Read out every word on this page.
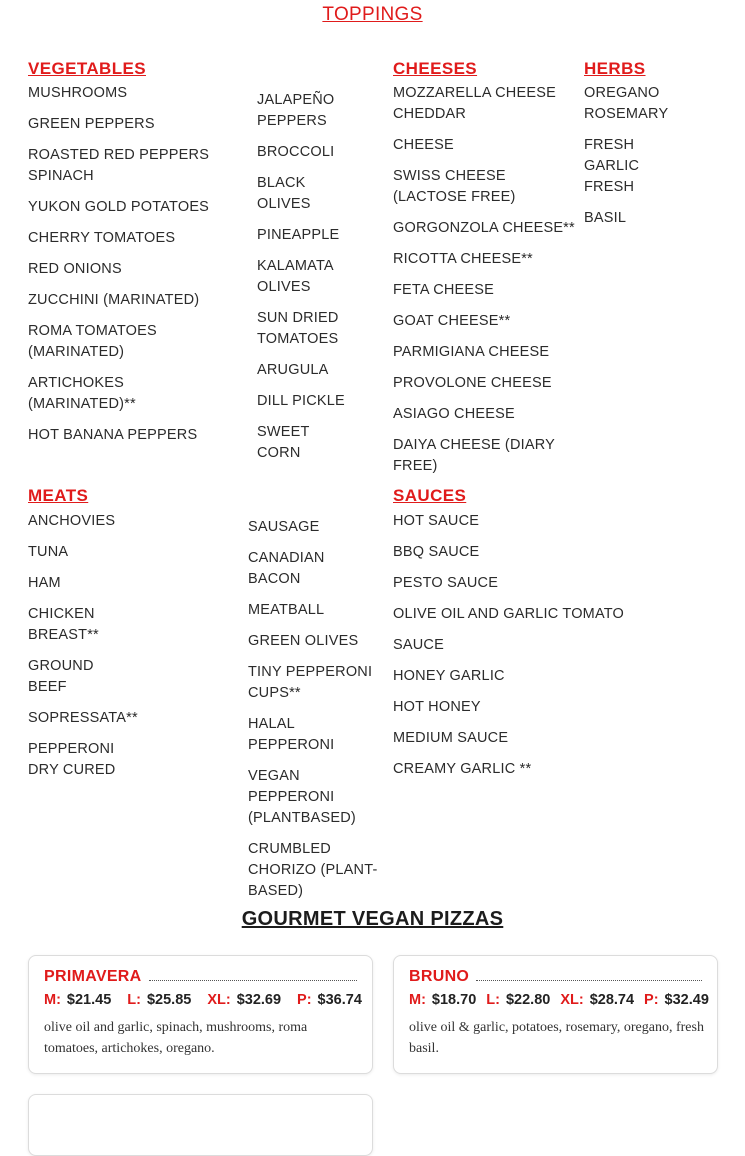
TOPPINGS
VEGETABLES
MUSHROOMS
GREEN PEPPERS
ROASTED RED PEPPERS SPINACH
YUKON GOLD POTATOES
CHERRY TOMATOES
RED ONIONS
ZUCCHINI (MARINATED)
ROMA TOMATOES (MARINATED)
ARTICHOKES (MARINATED)**
HOT BANANA PEPPERS
JALAPEÑO PEPPERS
BROCCOLI
BLACK OLIVES
PINEAPPLE
KALAMATA OLIVES
SUN DRIED TOMATOES
ARUGULA
DILL PICKLE
SWEET CORN
CHEESES
MOZZARELLA CHEESE CHEDDAR
CHEESE
SWISS CHEESE (LACTOSE FREE)
GORGONZOLA CHEESE**
RICOTTA CHEESE**
FETA CHEESE
GOAT CHEESE**
PARMIGIANA CHEESE
PROVOLONE CHEESE
ASIAGO CHEESE
DAIYA CHEESE (DIARY FREE)
HERBS
OREGANO ROSEMARY
FRESH GARLIC FRESH
BASIL
MEATS
ANCHOVIES
TUNA
HAM
CHICKEN BREAST**
GROUND BEEF
SOPRESSATA**
PEPPERONI DRY CURED
SAUSAGE
CANADIAN BACON
MEATBALL
GREEN OLIVES
TINY PEPPERONI CUPS**
HALAL PEPPERONI
VEGAN PEPPERONI (PLANTBASED)
CRUMBLED CHORIZO (PLANT-BASED)
SAUCES
HOT SAUCE
BBQ SAUCE
PESTO SAUCE
OLIVE OIL AND GARLIC TOMATO
SAUCE
HONEY GARLIC
HOT HONEY
MEDIUM SAUCE
CREAMY GARLIC **
GOURMET VEGAN PIZZAS
PRIMAVERA
M: $21.45 L: $25.85 XL: $32.69 P: $36.74
olive oil and garlic, spinach, mushrooms, roma tomatoes, artichokes, oregano.
BRUNO
M: $18.70 L: $22.80 XL: $28.74 P: $32.49
olive oil & garlic, potatoes, rosemary, oregano, fresh basil.
